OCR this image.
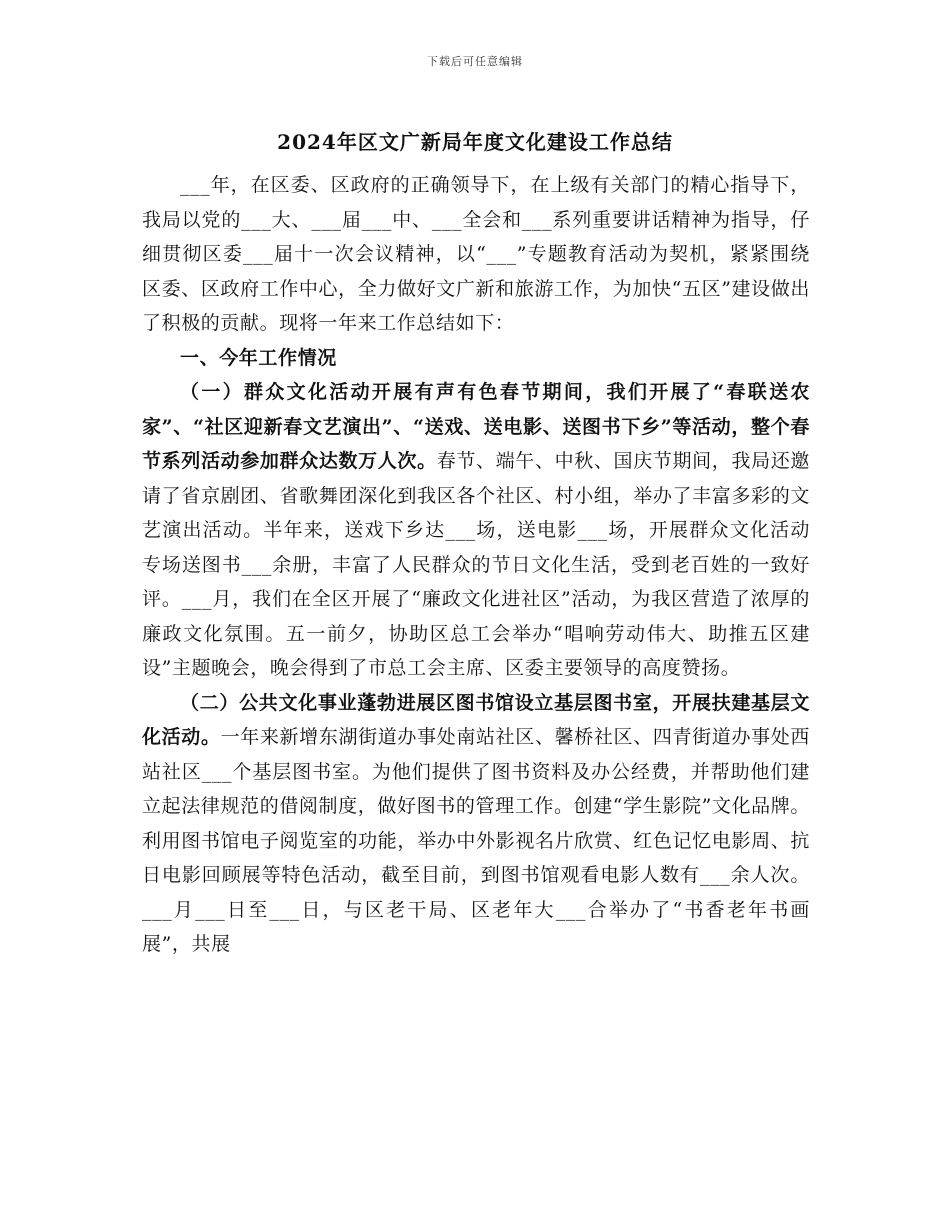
下载后可任意编辑
2024年区文广新局年度文化建设工作总结

___年，在区委、区政府的正确领导下，在上级有关部门的精心指导下，我局以党的___大、___届___中、___全会和___系列重要讲话精神为指导，仔细贯彻区委___届十一次会议精神，以“___”专题教育活动为契机，紧紧围绕区委、区政府工作中心，全力做好文广新和旅游工作，为加快“五区”建设做出了积极的贡献。现将一年来工作总结如下：

一、今年工作情况

（一）群众文化活动开展有声有色春节期间，我们开展了“春联送农家”、“社区迎新春文艺演出”、“送戏、送电影、送图书下乡”等活动，整个春节系列活动参加群众达数万人次。春节、端午、中秋、国庆节期间，我局还邀请了省京剧团、省歌舞团深化到我区各个社区、村小组，举办了丰富多彩的文艺演出活动。半年来，送戏下乡达___场，送电影___场，开展群众文化活动专场送图书___余册，丰富了人民群众的节日文化生活，受到老百姓的一致好评。___月，我们在全区开展了“廉政文化进社区”活动，为我区营造了浓厚的廉政文化氛围。五一前夕，协助区总工会举办“唱响劳动伟大、助推五区建设”主题晚会，晚会得到了市总工会主席、区委主要领导的高度赞扬。

（二）公共文化事业蓬勃进展区图书馆设立基层图书室，开展扶建基层文化活动。一年来新增东湖街道办事处南站社区、馨桥社区、四青街道办事处西站社区___个基层图书室。为他们提供了图书资料及办公经费，并帮助他们建立起法律规范的借阅制度，做好图书的管理工作。创建“学生影院”文化品牌。利用图书馆电子阅览室的功能，举办中外影视名片欣赏、红色记忆电影周、抗日电影回顾展等特色活动，截至目前，到图书馆观看电影人数有___余人次。___月___日至___日，与区老干局、区老年大___合举办了“书香老年书画展”，共展
